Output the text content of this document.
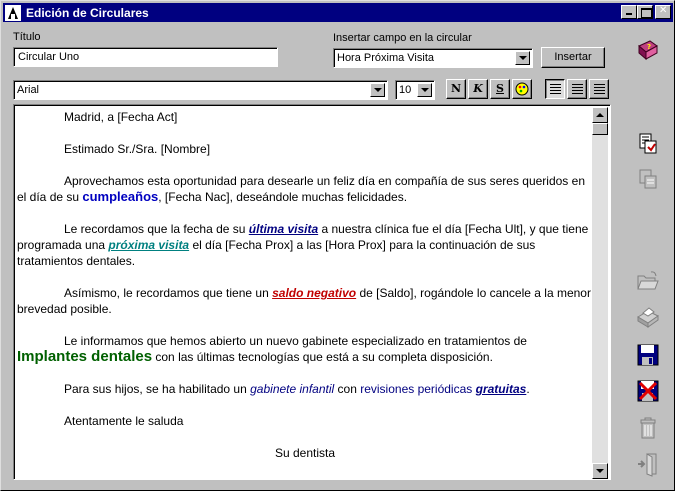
Edición de Circulares
✕
Título
Circular Uno
Insertar campo en la circular
Hora Próxima Visita	Insertar
Arial	10	N	K	S

Madrid, a [Fecha Act]

Estimado Sr./Sra. [Nombre]

Aprovechamos esta oportunidad para desearle un feliz día en compañía de sus seres queridos en el día de su cumpleaños, [Fecha Nac], deseándole muchas felicidades.

Le recordamos que la fecha de su última visita a nuestra clínica fue el día [Fecha Ult], y que tiene programada una próxima visita el día [Fecha Prox] a las [Hora Prox] para la continuación de sus tratamientos dentales.

Asímismo, le recordamos que tiene un saldo negativo de [Saldo], rogándole lo cancele a la menor brevedad posible.

Le informamos que hemos abierto un nuevo gabinete especializado en tratamientos de Implantes dentales con las últimas tecnologías que está a su completa disposición.

Para sus hijos, se ha habilitado un gabinete infantil con revisiones periódicas gratuitas.

Atentamente le saluda

Su dentista

?
